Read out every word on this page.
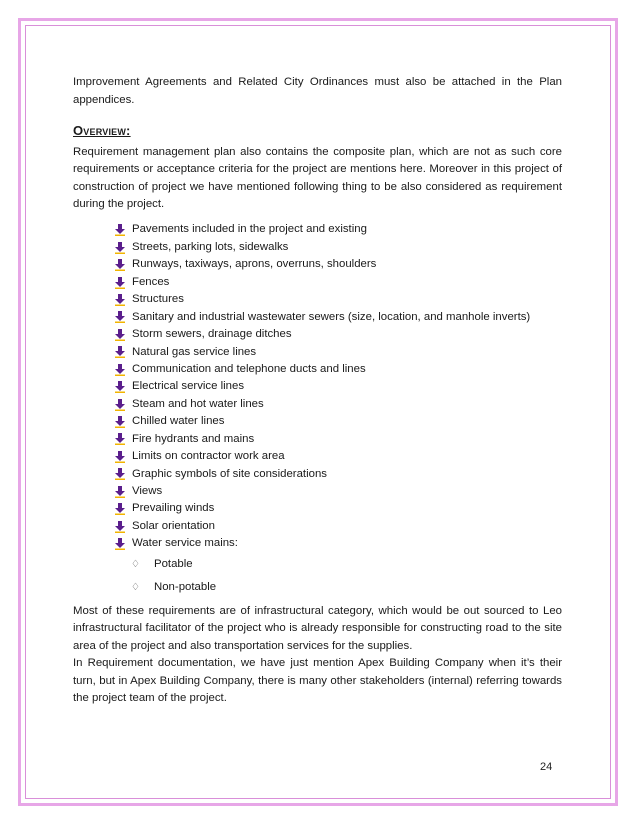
Improvement Agreements and Related City Ordinances must also be attached in the Plan appendices.

Overview:

Requirement management plan also contains the composite plan, which are not as such core requirements or acceptance criteria for the project are mentions here. Moreover in this project of construction of project we have mentioned following thing to be also considered as requirement during the project.

Pavements included in the project and existing
Streets, parking lots, sidewalks
Runways, taxiways, aprons, overruns, shoulders
Fences
Structures
Sanitary and industrial wastewater sewers (size, location, and manhole inverts)
Storm sewers, drainage ditches
Natural gas service lines
Communication and telephone ducts and lines
Electrical service lines
Steam and hot water lines
Chilled water lines
Fire hydrants and mains
Limits on contractor work area
Graphic symbols of site considerations
Views
Prevailing winds
Solar orientation
Water service mains:
♢ Potable
♢ Non-potable

Most of these requirements are of infrastructural category, which would be out sourced to Leo infrastructural facilitator of the project who is already responsible for constructing road to the site area of the project and also transportation services for the supplies.

In Requirement documentation, we have just mention Apex Building Company when it’s their turn, but in Apex Building Company, there is many other stakeholders (internal) referring towards the project team of the project.

24
